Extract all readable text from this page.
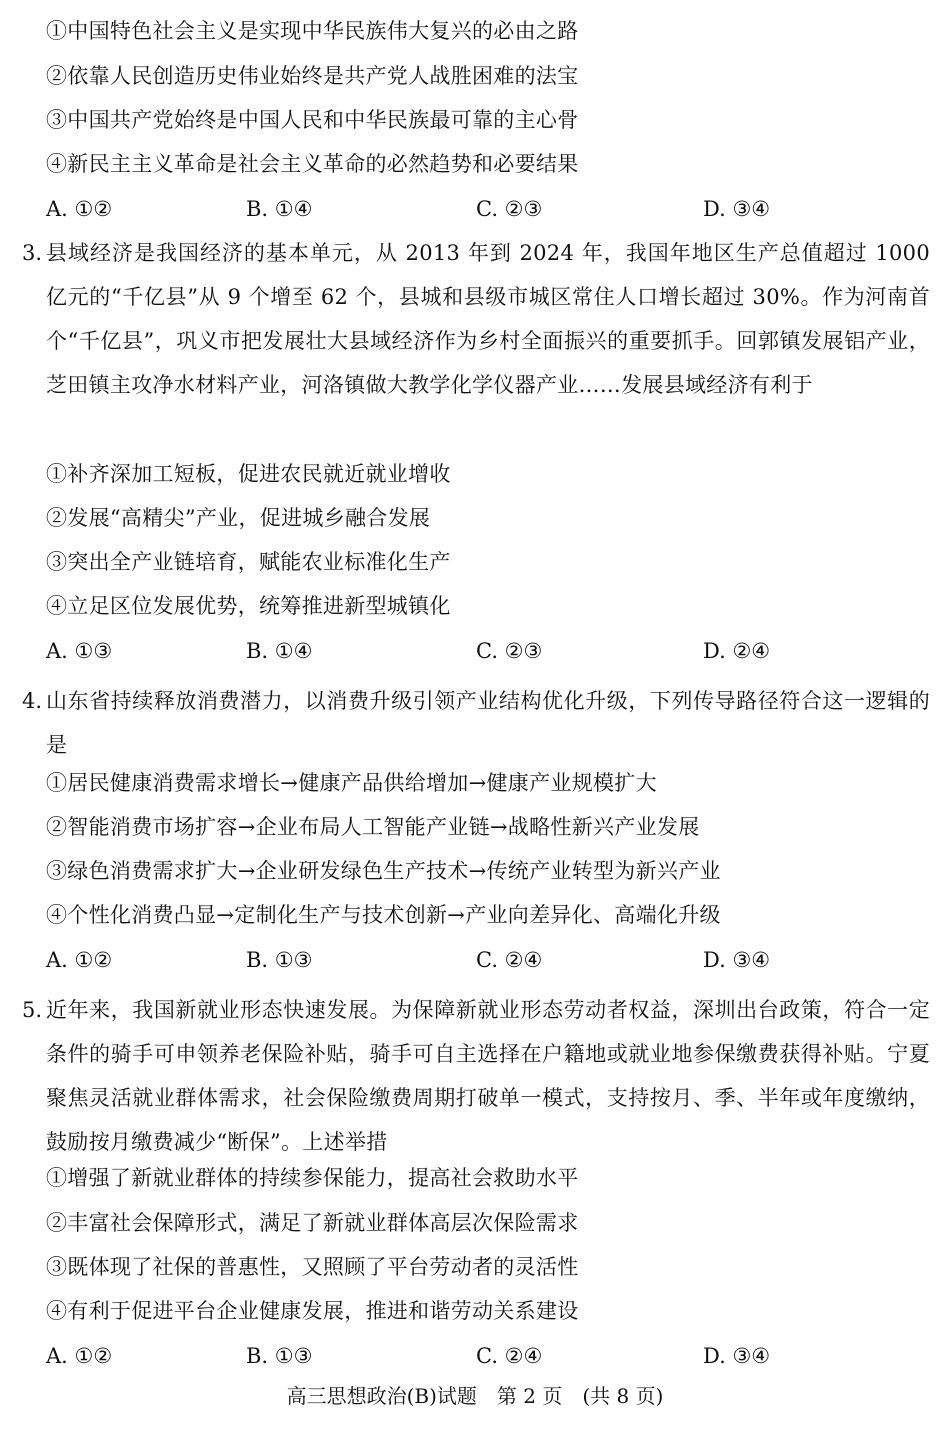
①中国特色社会主义是实现中华民族伟大复兴的必由之路
②依靠人民创造历史伟业始终是共产党人战胜困难的法宝
③中国共产党始终是中国人民和中华民族最可靠的主心骨
④新民主主义革命是社会主义革命的必然趋势和必要结果
A. ①②	B. ①④	C. ②③	D. ③④
3. 县域经济是我国经济的基本单元，从 2013 年到 2024 年，我国年地区生产总值超过 1000 亿元的“千亿县”从 9 个增至 62 个，县城和县级市城区常住人口增长超过 30%。作为河南首个“千亿县”，巩义市把发展壮大县域经济作为乡村全面振兴的重要抓手。回郭镇发展铝产业，芝田镇主攻净水材料产业，河洛镇做大教学化学仪器产业……发展县域经济有利于
①补齐深加工短板，促进农民就近就业增收
②发展“高精尖”产业，促进城乡融合发展
③突出全产业链培育，赋能农业标准化生产
④立足区位发展优势，统筹推进新型城镇化
A. ①③	B. ①④	C. ②③	D. ②④
4. 山东省持续释放消费潜力，以消费升级引领产业结构优化升级，下列传导路径符合这一逻辑的是
①居民健康消费需求增长→健康产品供给增加→健康产业规模扩大
②智能消费市场扩容→企业布局人工智能产业链→战略性新兴产业发展
③绿色消费需求扩大→企业研发绿色生产技术→传统产业转型为新兴产业
④个性化消费凸显→定制化生产与技术创新→产业向差异化、高端化升级
A. ①②	B. ①③	C. ②④	D. ③④
5. 近年来，我国新就业形态快速发展。为保障新就业形态劳动者权益，深圳出台政策，符合一定条件的骑手可申领养老保险补贴，骑手可自主选择在户籍地或就业地参保缴费获得补贴。宁夏聚焦灵活就业群体需求，社会保险缴费周期打破单一模式，支持按月、季、半年或年度缴纳，鼓励按月缴费减少“断保”。上述举措
①增强了新就业群体的持续参保能力，提高社会救助水平
②丰富社会保障形式，满足了新就业群体高层次保险需求
③既体现了社保的普惠性，又照顾了平台劳动者的灵活性
④有利于促进平台企业健康发展，推进和谐劳动关系建设
A. ①②	B. ①③	C. ②④	D. ③④
高三思想政治(B)试题　第 2 页　(共 8 页)
